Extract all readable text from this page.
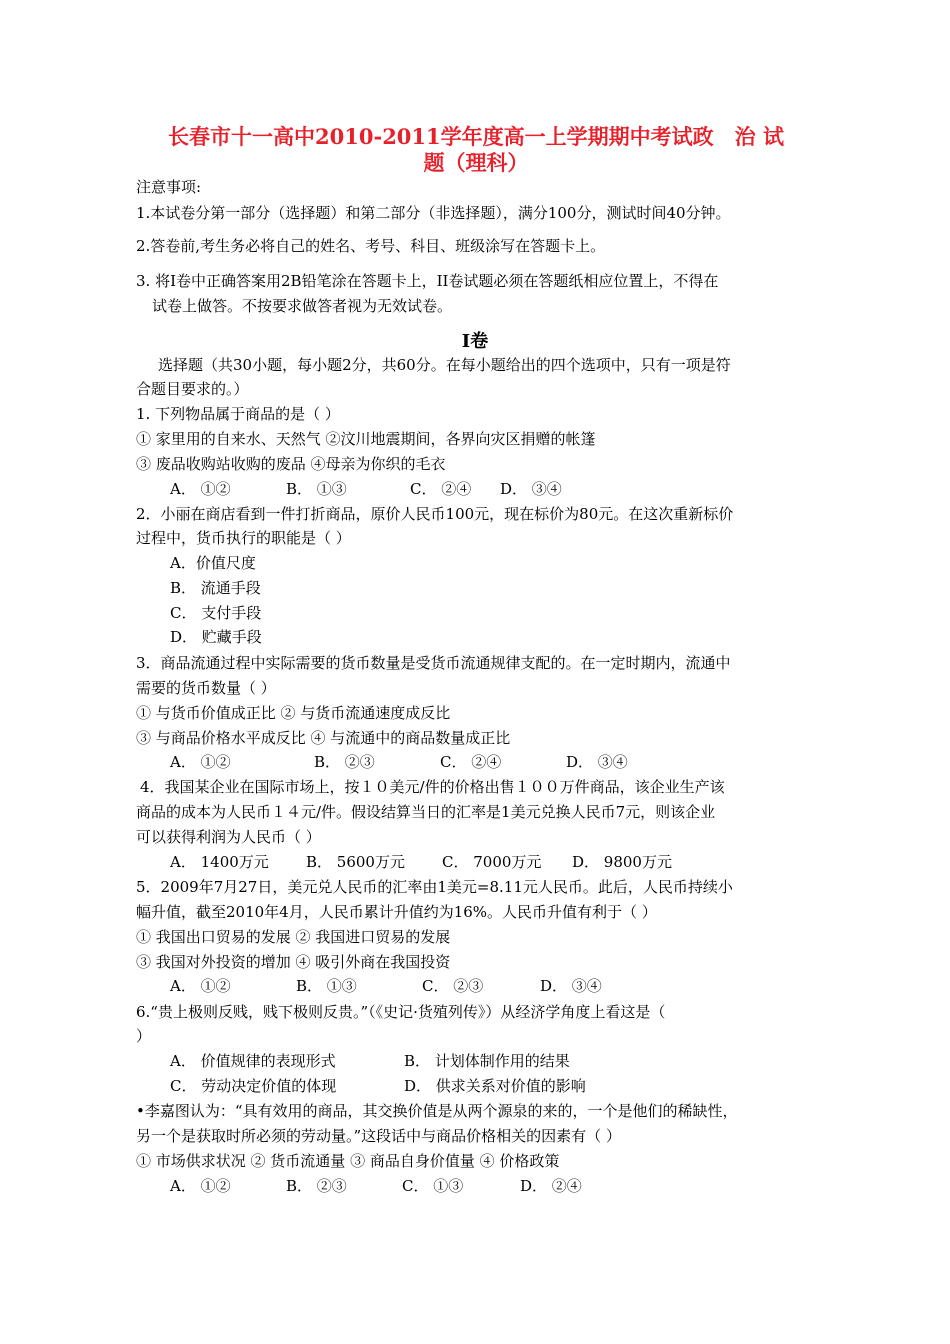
长春市十一高中2010-2011学年度高一上学期期中考试政　治 试
题（理科）
注意事项:
1.本试卷分第一部分（选择题）和第二部分（非选择题），满分100分，测试时间40分钟。
2.答卷前,考生务必将自己的姓名、考号、科目、班级涂写在答题卡上。
3. 将Ⅰ卷中正确答案用2B铅笔涂在答题卡上，II卷试题必须在答题纸相应位置上，不得在
试卷上做答。不按要求做答者视为无效试卷。
Ⅰ卷
选择题（共30小题，每小题2分，共60分。在每小题给出的四个选项中，只有一项是符
合题目要求的。）
1. 下列物品属于商品的是（ ）
① 家里用的自来水、天然气 ②汶川地震期间，各界向灾区捐赠的帐篷
③ 废品收购站收购的废品 ④母亲为你织的毛衣
A． ①②	B． ①③	C． ②④ D． ③④
2．小丽在商店看到一件打折商品，原价人民币100元，现在标价为80元。在这次重新标价
过程中，货币执行的职能是（ ）
A．价值尺度
B． 流通手段
C． 支付手段
D． 贮藏手段
3．商品流通过程中实际需要的货币数量是受货币流通规律支配的。在一定时期内，流通中
需要的货币数量（ ）
① 与货币价值成正比 ② 与货币流通速度成反比
③ 与商品价格水平成反比 ④ 与流通中的商品数量成正比
A． ①②	B． ②③	C． ②④	D． ③④
4．我国某企业在国际市场上，按１０美元/件的价格出售１００万件商品，该企业生产该
商品的成本为人民币１４元/件。假设结算当日的汇率是1美元兑换人民币7元，则该企业
可以获得利润为人民币（ ）
A． 1400万元 B． 5600万元 C． 7000万元 D． 9800万元
5．2009年7月27日，美元兑人民币的汇率由1美元=8.11元人民币。此后，人民币持续小
幅升值，截至2010年4月，人民币累计升值约为16%。人民币升值有利于（ ）
① 我国出口贸易的发展 ② 我国进口贸易的发展
③ 我国对外投资的增加 ④ 吸引外商在我国投资
A． ①②	B． ①③	C． ②③	D． ③④
6.“贵上极则反贱，贱下极则反贵。”（《史记·货殖列传》）从经济学角度上看这是（
）
A． 价值规律的表现形式	B． 计划体制作用的结果
C． 劳动决定价值的体现	D． 供求关系对价值的影响
•李嘉图认为：“具有效用的商品，其交换价值是从两个源泉的来的，一个是他们的稀缺性，
另一个是获取时所必须的劳动量。”这段话中与商品价格相关的因素有（ ）
① 市场供求状况 ② 货币流通量 ③ 商品自身价值量 ④ 价格政策
A． ①②	B． ②③	C． ①③	D． ②④
